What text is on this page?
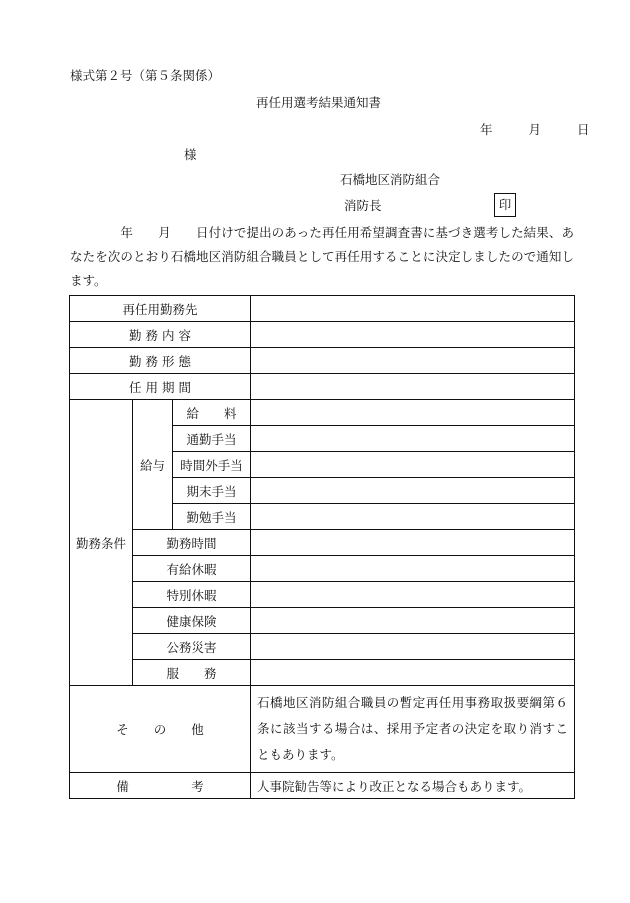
様式第２号（第５条関係）
再任用選考結果通知書
年	月	日
様
石橋地区消防組合
消防長	印
　　　　年　　月　　日付けで提出のあった再任用希望調査書に基づき選考した結果、あなたを次のとおり石橋地区消防組合職員として再任用することに決定しましたので通知します。
再任用勤務先			
勤 務 内 容			
勤 務 形 態			
任 用 期 間			
勤務条件	給与	給　　料	
		通勤手当	
		時間外手当	
		期末手当	
		勤勉手当	
	勤務時間		
	有給休暇		
	特別休暇		
	健康保険		
	公務災害		
	服　　務		
そ　　の　　他			石橋地区消防組合職員の暫定再任用事務取扱要綱第６条に該当する場合は、採用予定者の決定を取り消すこともあります。
備　　　　　考			人事院勧告等により改正となる場合もあります。
